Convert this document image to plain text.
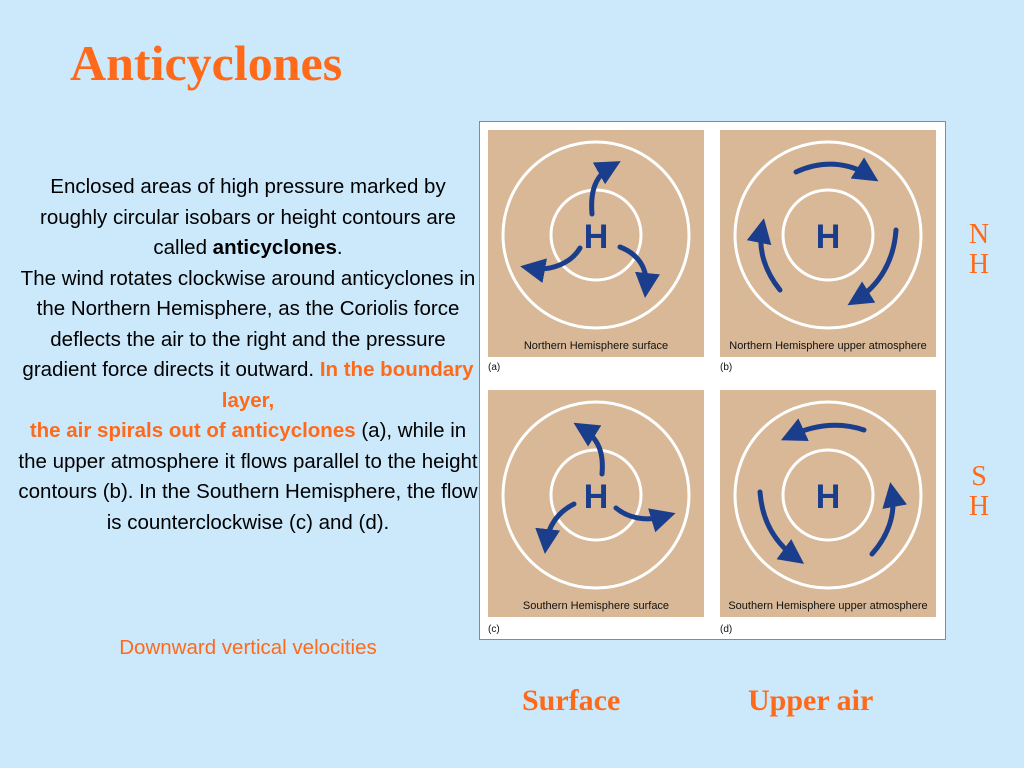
Anticyclones
Enclosed areas of high pressure marked by roughly circular isobars or height contours are called anticyclones.
The wind rotates clockwise around anticyclones in the Northern Hemisphere, as the Coriolis force deflects the air to the right and the pressure gradient force directs it outward. In the boundary layer,
the air spirals out of anticyclones (a), while in the upper atmosphere it flows parallel to the height contours (b). In the Southern Hemisphere, the flow is counterclockwise (c) and (d).
Downward vertical velocities
H
Northern Hemisphere surface
(a)
H
Northern Hemisphere upper atmosphere
(b)
H
Southern Hemisphere surface
(c)
H
Southern Hemisphere upper atmosphere
(d)
N
H
S
H
Surface	Upper air
